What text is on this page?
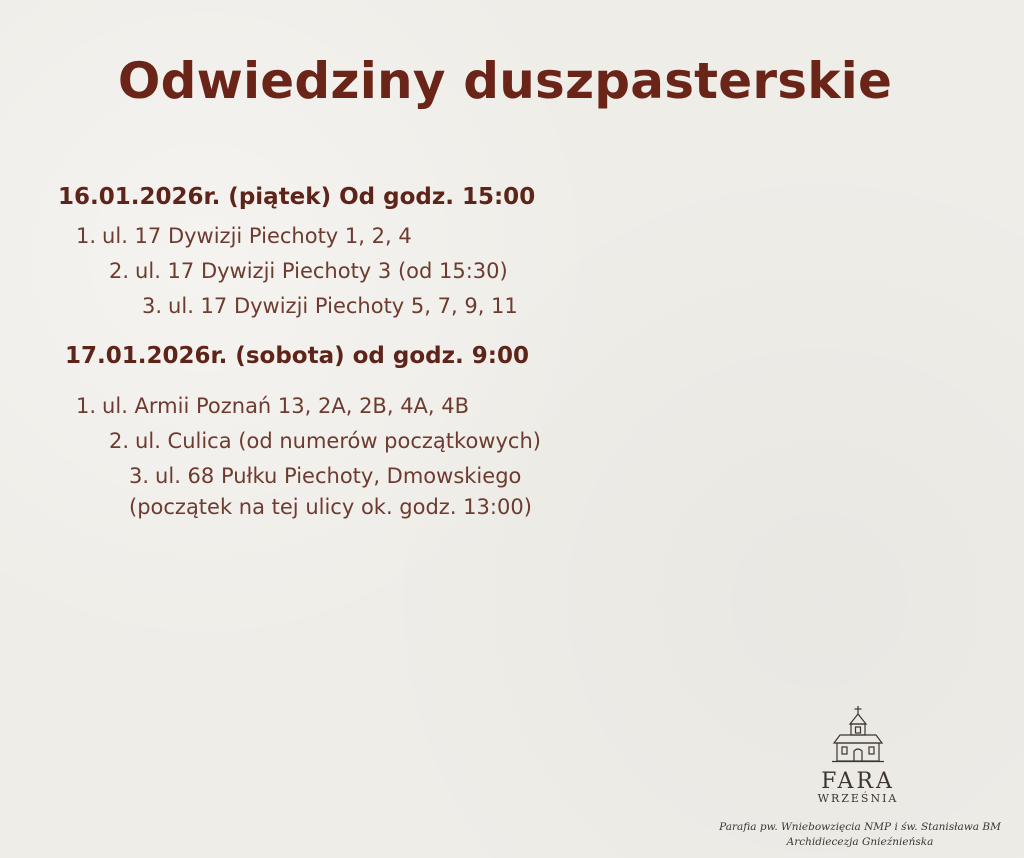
Odwiedziny duszpasterskie
16.01.2026r. (piątek) Od godz. 15:00
1. ul. 17 Dywizji Piechoty 1, 2, 4
2. ul. 17 Dywizji Piechoty 3 (od 15:30)
3. ul. 17 Dywizji Piechoty 5, 7, 9, 11
17.01.2026r. (sobota) od godz. 9:00
1. ul. Armii Poznań 13, 2A, 2B, 4A, 4B
2. ul. Culica (od numerów początkowych)
3. ul. 68 Pułku Piechoty, Dmowskiego
(początek na tej ulicy ok. godz. 13:00)
FARA
WRZEŚNIA
Parafia pw. Wniebowzięcia NMP i św. Stanisława BM
Archidiecezja Gnieźnieńska
